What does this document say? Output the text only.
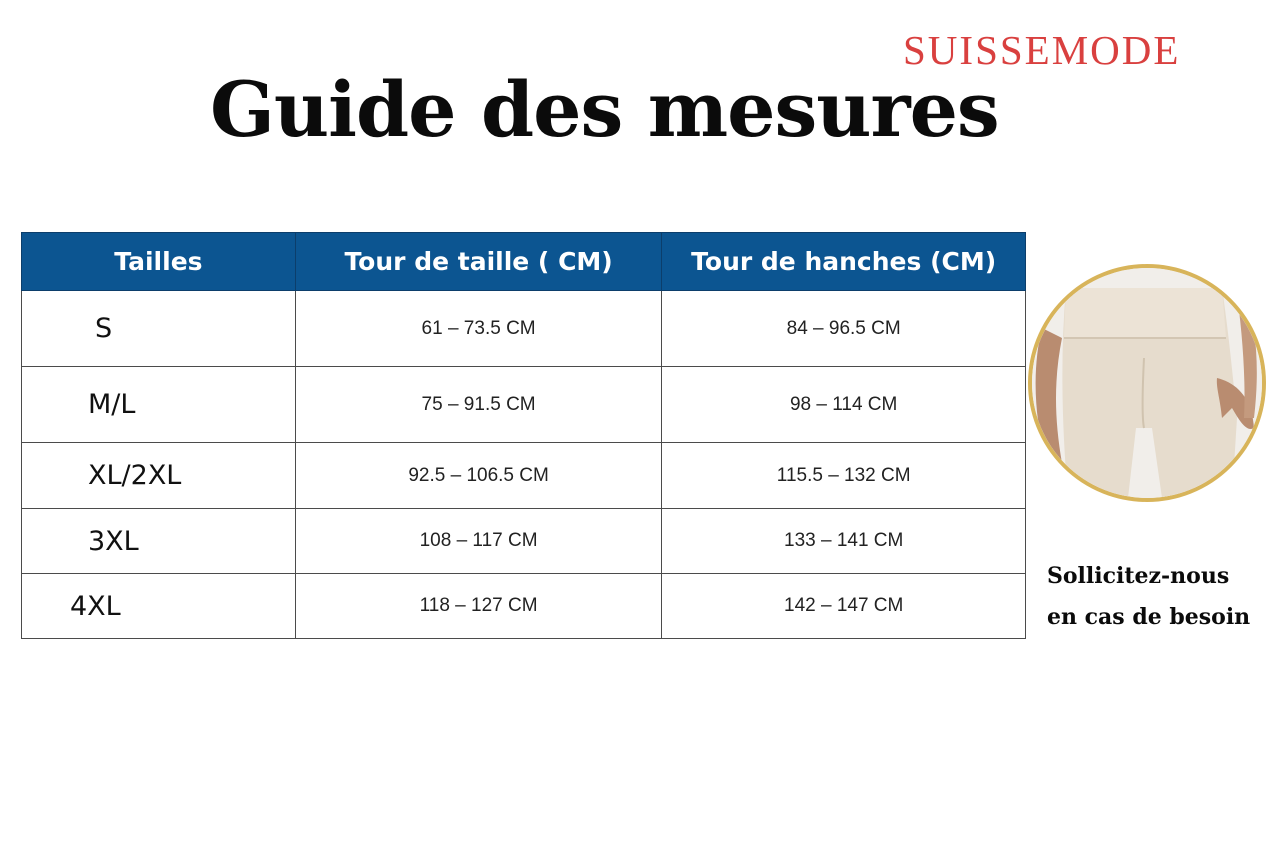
SUISSEMODE
Guide des mesures
Tailles	Tour de taille ( CM)	Tour de hanches (CM)
S	61 – 73.5 CM	84 – 96.5 CM
M/L	75 – 91.5 CM	98 – 114 CM
XL/2XL	92.5 – 106.5 CM	115.5 – 132 CM
3XL	108 – 117 CM	133 – 141 CM
4XL	118 – 127 CM	142 – 147 CM
Sollicitez-nous
en cas de besoin
